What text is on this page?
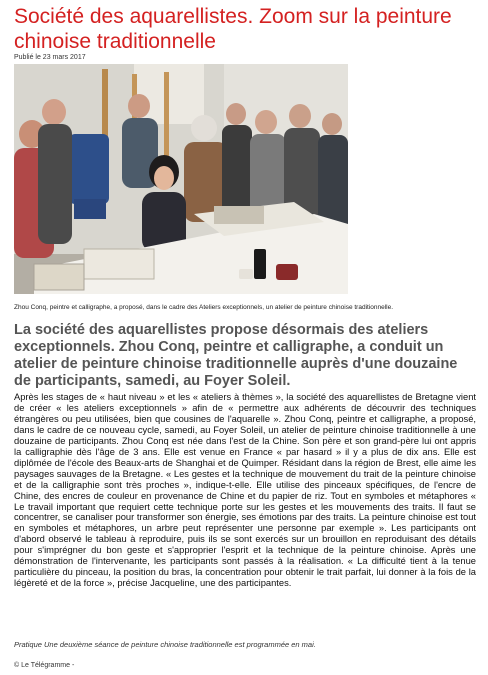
Société des aquarellistes. Zoom sur la peinture chinoise traditionnelle
Publié le 23 mars 2017
Zhou Conq, peintre et calligraphe, a proposé, dans le cadre des Ateliers exceptionnels, un atelier de peinture chinoise traditionnelle.

La société des aquarellistes propose désormais des ateliers exceptionnels. Zhou Conq, peintre et calligraphe, a conduit un atelier de peinture chinoise traditionnelle auprès d'une douzaine de participants, samedi, au Foyer Soleil.

Après les stages de « haut niveau » et les « ateliers à thèmes », la société des aquarellistes de Bretagne vient de créer « les ateliers exceptionnels » afin de « permettre aux adhérents de découvrir des techniques étrangères ou peu utilisées, bien que cousines de l'aquarelle ». Zhou Conq, peintre et calligraphe, a proposé, dans le cadre de ce nouveau cycle, samedi, au Foyer Soleil, un atelier de peinture chinoise traditionnelle à une douzaine de participants. Zhou Conq est née dans l'est de la Chine. Son père et son grand-père lui ont appris la calligraphie dès l'âge de 3 ans. Elle est venue en France « par hasard » il y a plus de dix ans. Elle est diplômée de l'école des Beaux-arts de Shanghai et de Quimper. Résidant dans la région de Brest, elle aime les paysages sauvages de la Bretagne. « Les gestes et la technique de mouvement du trait de la peinture chinoise et de la calligraphie sont très proches », indique-t-elle. Elle utilise des pinceaux spécifiques, de l'encre de Chine, des encres de couleur en provenance de Chine et du papier de riz. Tout en symboles et métaphores « Le travail important que requiert cette technique porte sur les gestes et les mouvements des traits. Il faut se concentrer, se canaliser pour transformer son énergie, ses émotions par des traits. La peinture chinoise est tout en symboles et métaphores, un arbre peut représenter une personne par exemple ». Les participants ont d'abord observé le tableau à reproduire, puis ils se sont exercés sur un brouillon en reproduisant des détails pour s'imprégner du bon geste et s'approprier l'esprit et la technique de la peinture chinoise. Après une démonstration de l'intervenante, les participants sont passés à la réalisation. « La difficulté tient à la tenue particulière du pinceau, la position du bras, la concentration pour obtenir le trait parfait, lui donner à la fois de la légèreté et de la force », précise Jacqueline, une des participantes.

Pratique Une deuxième séance de peinture chinoise traditionnelle est programmée en mai.
© Le Télégramme -
